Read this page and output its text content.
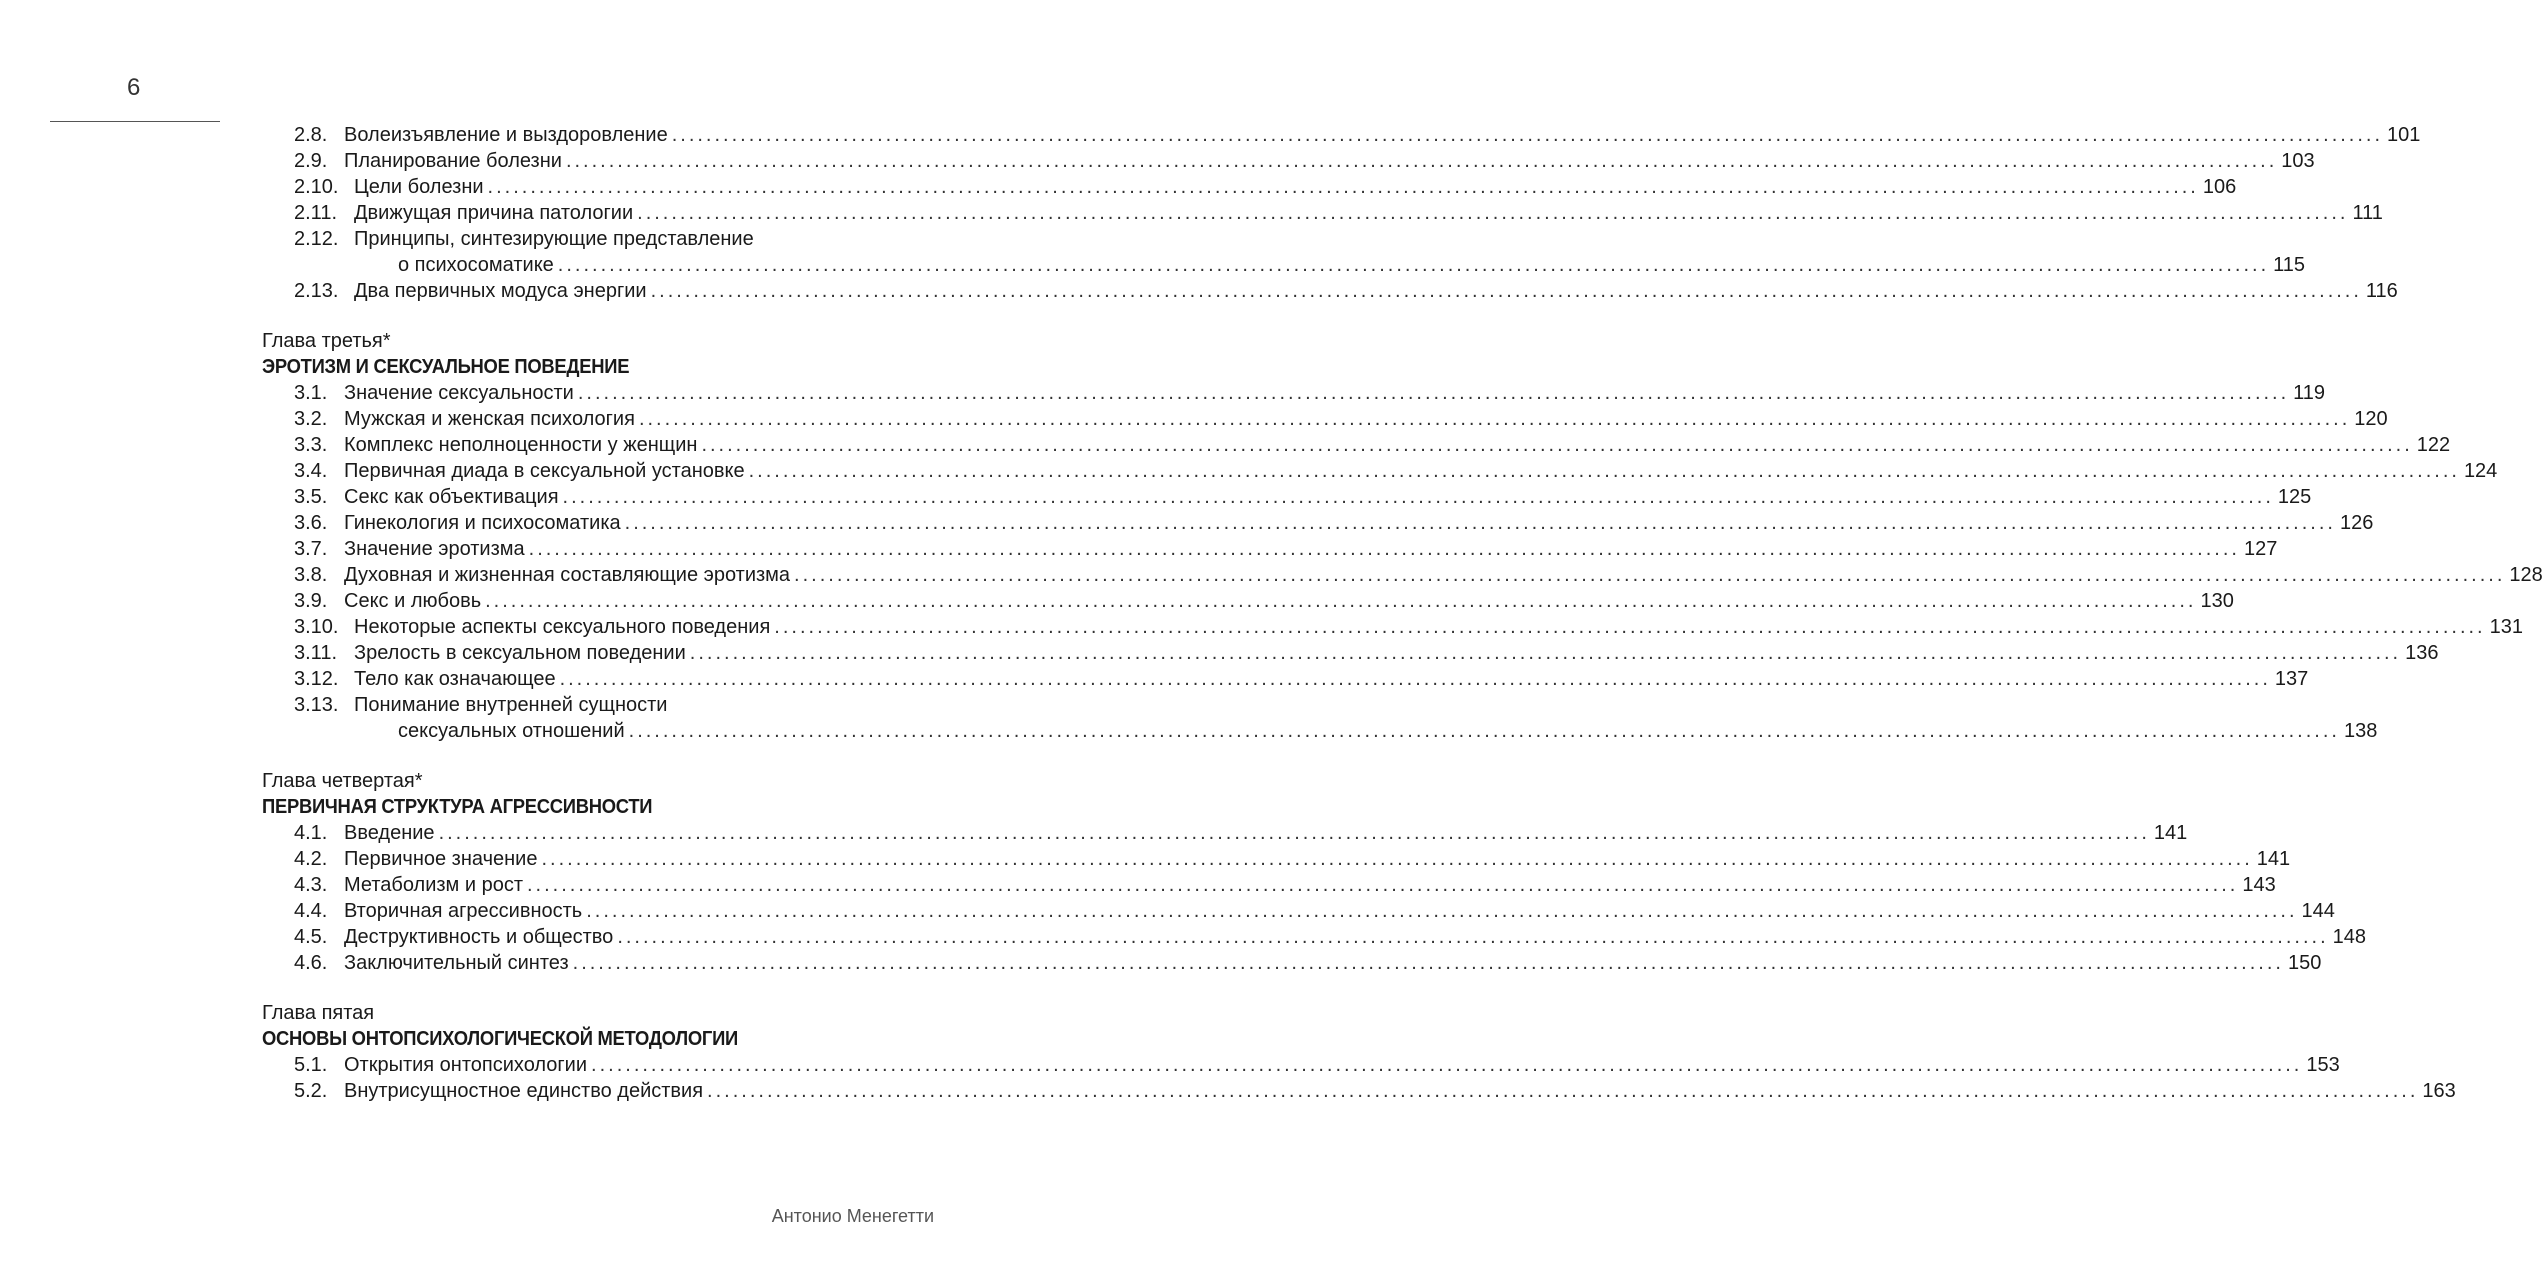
6
2.8. Волеизъявление и выздоровление ........................................................................................................................................................................................................ 101
2.9. Планирование болезни ........................................................................................................................................................................................................ 103
2.10. Цели болезни ........................................................................................................................................................................................................ 106
2.11. Движущая причина патологии ........................................................................................................................................................................................................ 111
2.12. Принципы, синтезирующие представление
о психосоматике ........................................................................................................................................................................................................ 115
2.13. Два первичных модуса энергии ........................................................................................................................................................................................................ 116
Глава третья*
ЭРОТИЗМ И СЕКСУАЛЬНОЕ ПОВЕДЕНИЕ
3.1. Значение сексуальности ........................................................................................................................................................................................................ 119
3.2. Мужская и женская психология ........................................................................................................................................................................................................ 120
3.3. Комплекс неполноценности у женщин ........................................................................................................................................................................................................ 122
3.4. Первичная диада в сексуальной установке ........................................................................................................................................................................................................ 124
3.5. Секс как объективация ........................................................................................................................................................................................................ 125
3.6. Гинекология и психосоматика ........................................................................................................................................................................................................ 126
3.7. Значение эротизма ........................................................................................................................................................................................................ 127
3.8. Духовная и жизненная составляющие эротизма ........................................................................................................................................................................................................ 128
3.9. Секс и любовь ........................................................................................................................................................................................................ 130
3.10. Некоторые аспекты сексуального поведения ........................................................................................................................................................................................................ 131
3.11. Зрелость в сексуальном поведении ........................................................................................................................................................................................................ 136
3.12. Тело как означающее ........................................................................................................................................................................................................ 137
3.13. Понимание внутренней сущности
сексуальных отношений ........................................................................................................................................................................................................ 138
Глава четвертая*
ПЕРВИЧНАЯ СТРУКТУРА АГРЕССИВНОСТИ
4.1. Введение ........................................................................................................................................................................................................ 141
4.2. Первичное значение ........................................................................................................................................................................................................ 141
4.3. Метаболизм и рост ........................................................................................................................................................................................................ 143
4.4. Вторичная агрессивность ........................................................................................................................................................................................................ 144
4.5. Деструктивность и общество ........................................................................................................................................................................................................ 148
4.6. Заключительный синтез ........................................................................................................................................................................................................ 150
Глава пятая
ОСНОВЫ ОНТОПСИХОЛОГИЧЕСКОЙ МЕТОДОЛОГИИ
5.1. Открытия онтопсихологии ........................................................................................................................................................................................................ 153
5.2. Внутрисущностное единство действия ........................................................................................................................................................................................................ 163
Антонио Менегетти
